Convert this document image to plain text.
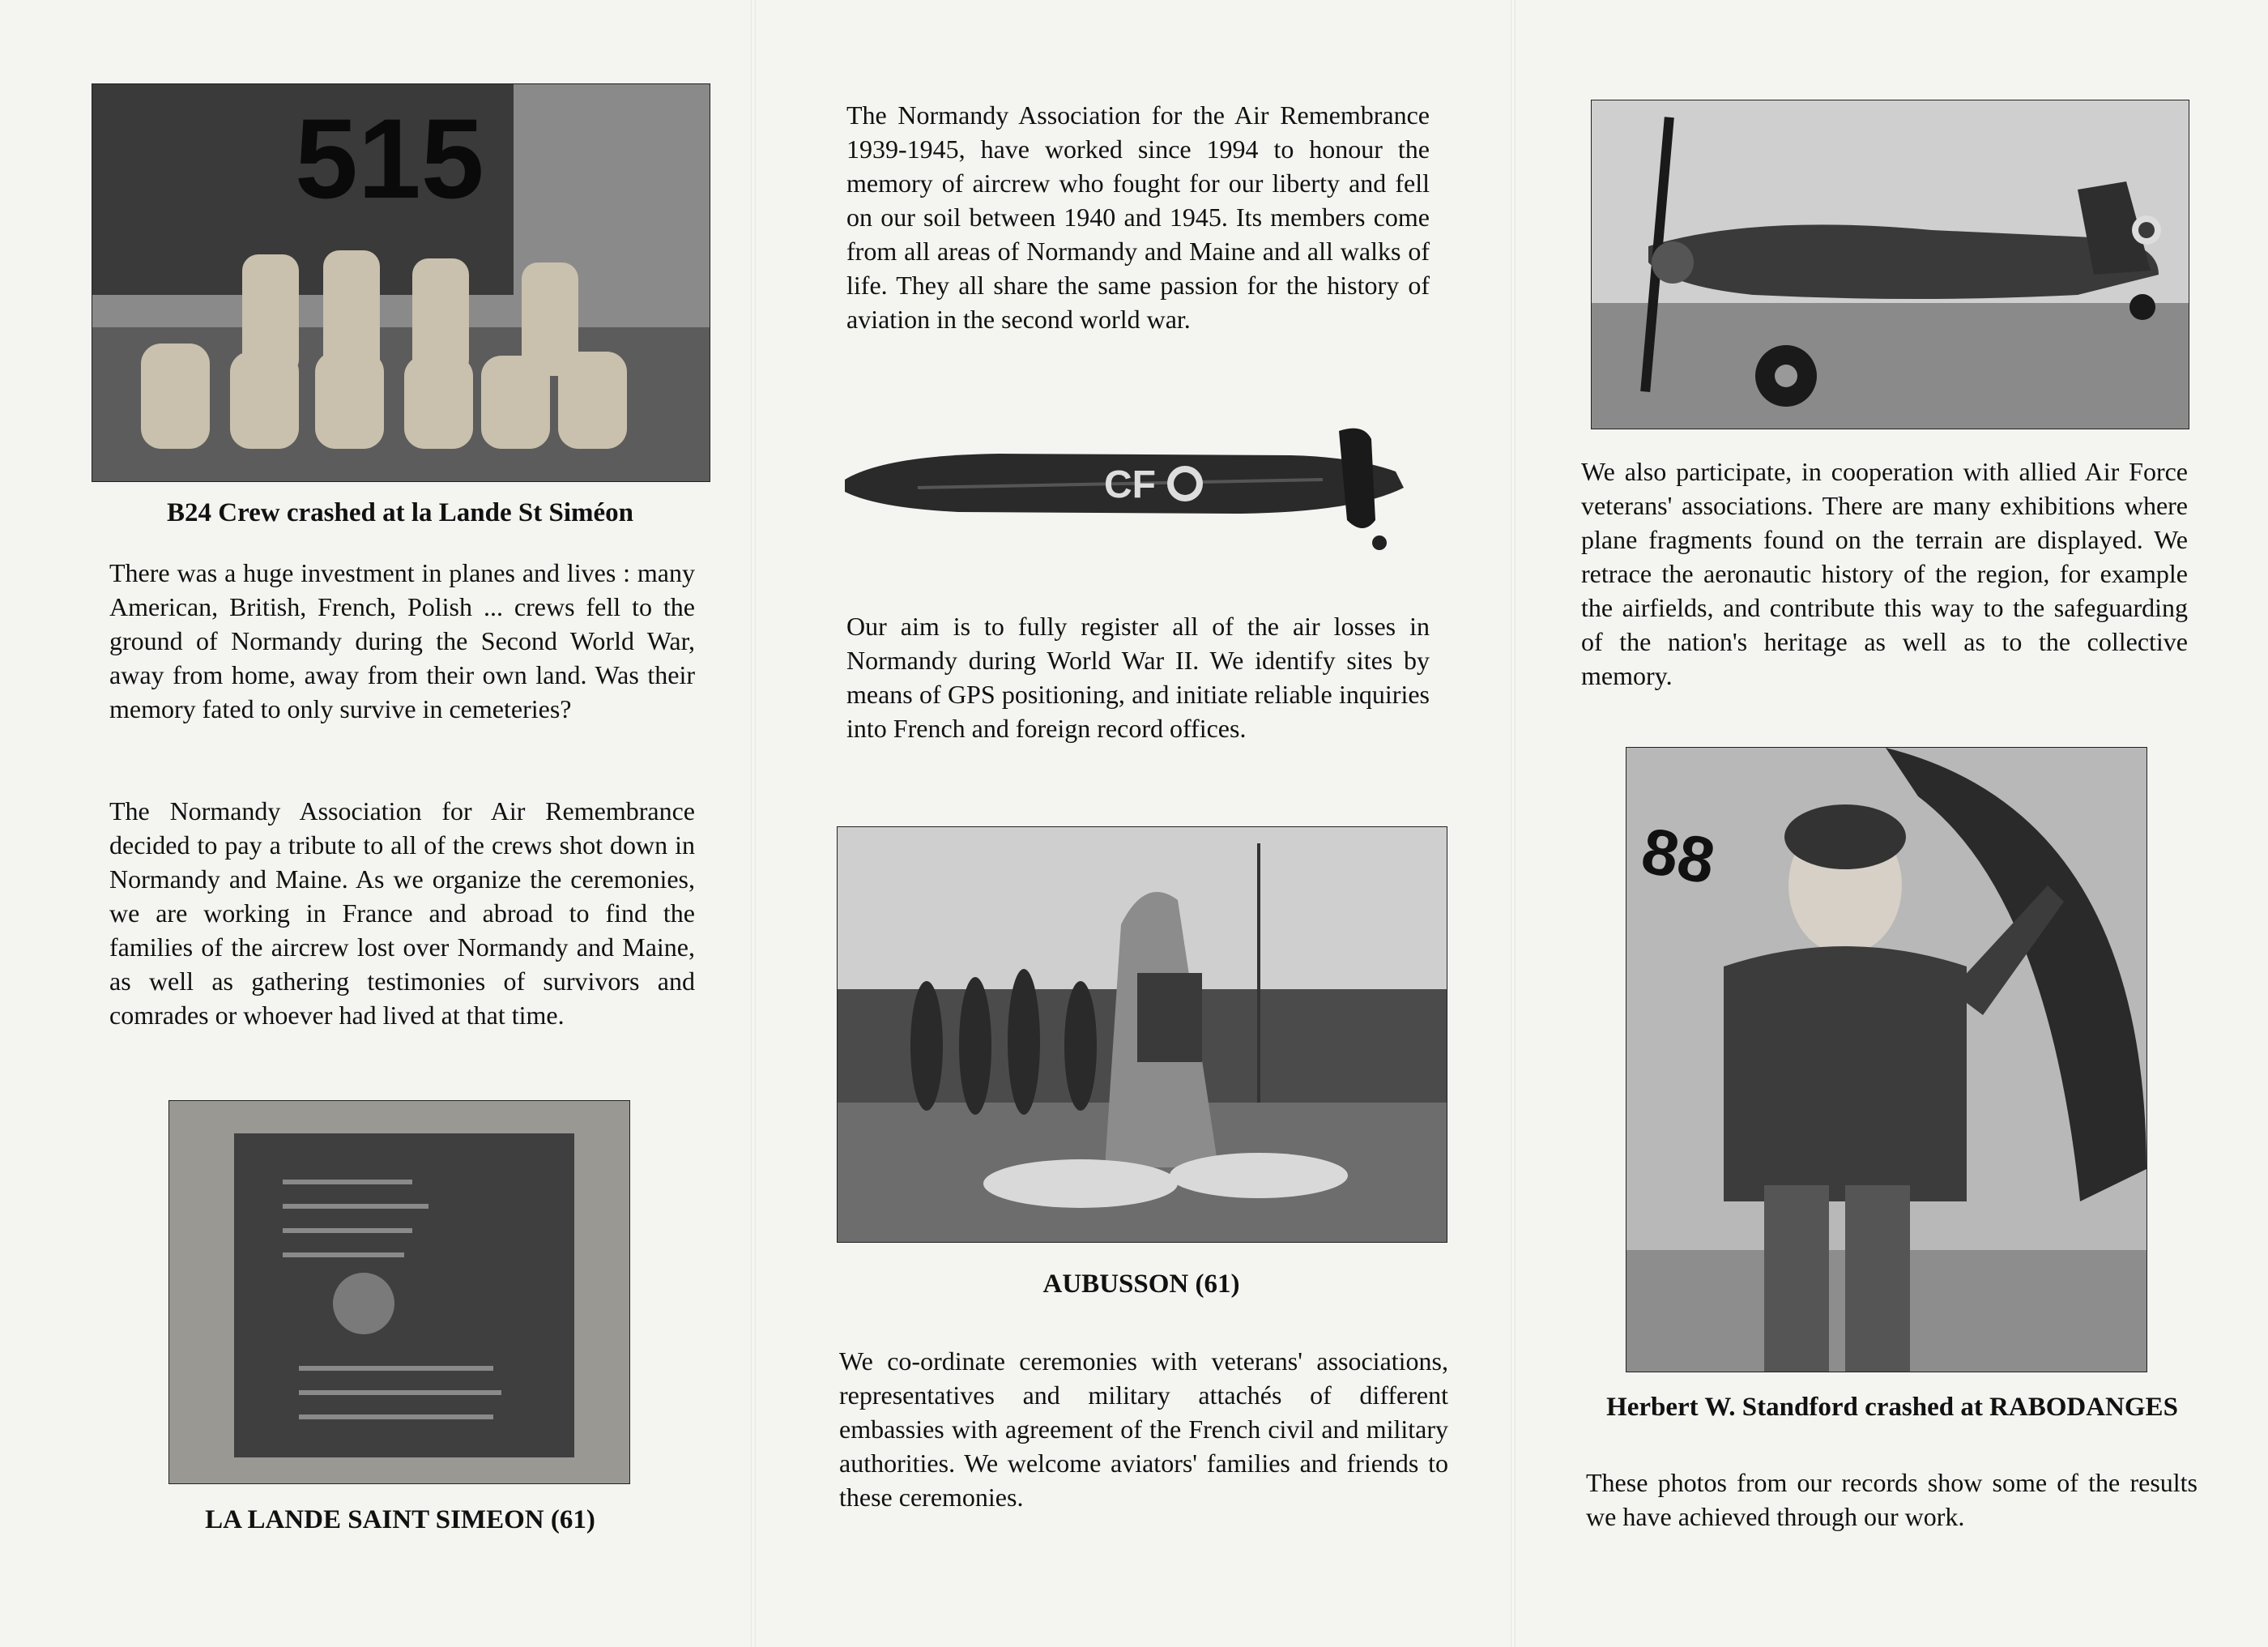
515
B24 Crew crashed at la Lande St Siméon

There was a huge investment in planes and lives : many American, British, French, Polish ... crews fell to the ground of Normandy during the Second World War, away from home, away from their own land. Was their memory fated to only survive in cemeteries?

The Normandy Association for Air Remembrance decided to pay a tribute to all of the crews shot down in Normandy and Maine. As we organize the ceremonies, we are working in France and abroad to find the families of the aircrew lost over Normandy and Maine, as well as gathering testimonies of survivors and comrades or whoever had lived at that time.

LA LANDE SAINT SIMEON (61)

The Normandy Association for the Air Remembrance 1939-1945, have worked since 1994 to honour the memory of aircrew who fought for our liberty and fell on our soil between 1940 and 1945. Its members come from all areas of Normandy and Maine and all walks of life. They all share the same passion for the history of aviation in the second world war.

CF

Our aim is to fully register all of the air losses in Normandy during World War II. We identify sites by means of GPS positioning, and initiate reliable inquiries into French and foreign record offices.

AUBUSSON (61)

We co-ordinate ceremonies with veterans' associations, representatives and military attachés of different embassies with agreement of the French civil and military authorities. We welcome aviators' families and friends to these ceremonies.

We also participate, in cooperation with allied Air Force veterans' associations. There are many exhibitions where plane fragments found on the terrain are displayed. We retrace the aeronautic history of the region, for example the airfields, and contribute this way to the safeguarding of the nation's heritage as well as to the collective memory.

88
Herbert W. Standford crashed at RABODANGES

These photos from our records show some of the results we have achieved through our work.
